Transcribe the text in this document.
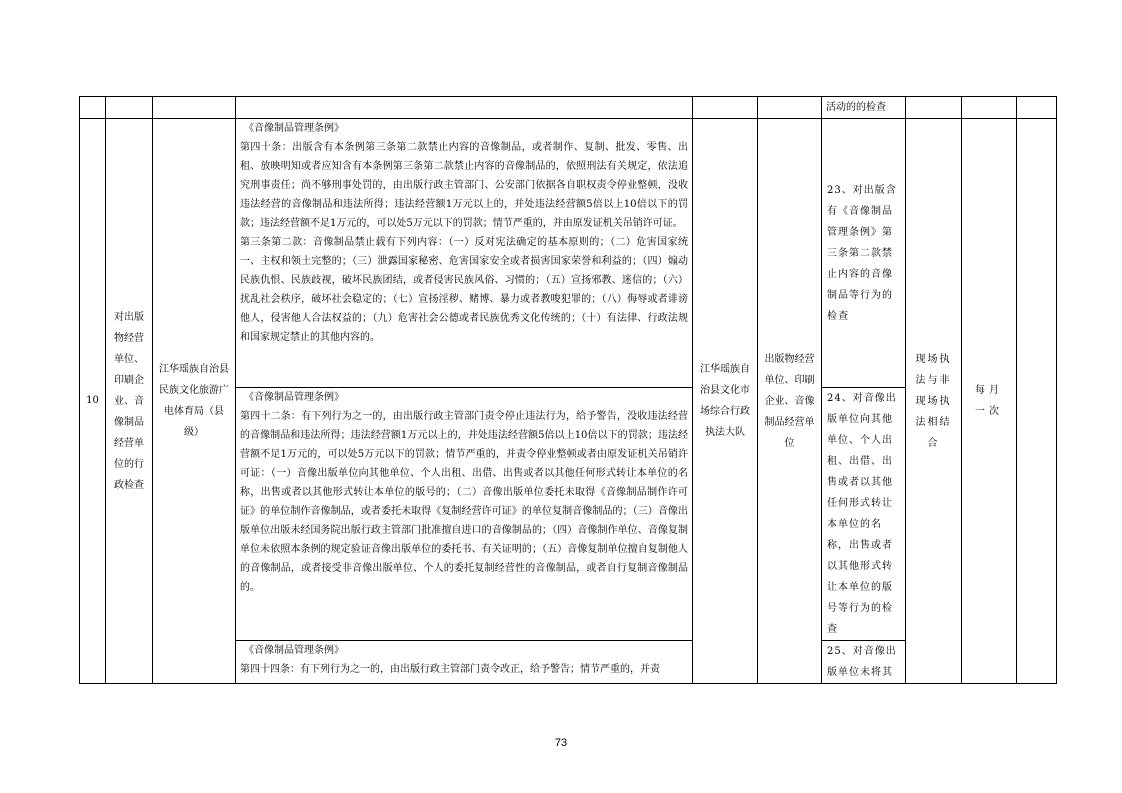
						活动的的检查			
10	对出版物经营单位、印刷企业、音像制品经营单位的行政检查	江华瑶族自治县民族文化旅游广电体育局（县级）	《音像制品管理条例》
第四十条：出版含有本条例第三条第二款禁止内容的音像制品，或者制作、复制、批发、零售、出租、放映明知或者应知含有本条例第三条第二款禁止内容的音像制品的，依照刑法有关规定，依法追究刑事责任；尚不够刑事处罚的，由出版行政主管部门、公安部门依据各自职权责令停业整顿，没收违法经营的音像制品和违法所得；违法经营额1万元以上的，并处违法经营额5倍以上10倍以下的罚款；违法经营额不足1万元的，可以处5万元以下的罚款；情节严重的，并由原发证机关吊销许可证。
第三条第二款：音像制品禁止载有下列内容：（一）反对宪法确定的基本原则的；（二）危害国家统一、主权和领土完整的；（三）泄露国家秘密、危害国家安全或者损害国家荣誉和利益的；（四）煽动民族仇恨、民族歧视，破坏民族团结，或者侵害民族风俗、习惯的；（五）宣扬邪教、迷信的；（六）扰乱社会秩序，破坏社会稳定的；（七）宣扬淫秽、赌博、暴力或者教唆犯罪的；（八）侮辱或者诽谤他人，侵害他人合法权益的；（九）危害社会公德或者民族优秀文化传统的；（十）有法律、行政法规和国家规定禁止的其他内容的。	江华瑶族自治县文化市场综合行政执法大队	出版物经营单位、印刷企业、音像制品经营单位	23、对出版含有《音像制品管理条例》第三条第二款禁止内容的音像制品等行为的检查	现场执法与非现场执法相结合	每月一次	

			《音像制品管理条例》
第四十二条：有下列行为之一的，由出版行政主管部门责令停止违法行为，给予警告，没收违法经营的音像制品和违法所得；违法经营额1万元以上的，并处违法经营额5倍以上10倍以下的罚款；违法经营额不足1万元的，可以处5万元以下的罚款；情节严重的，并责令停业整顿或者由原发证机关吊销许可证：（一）音像出版单位向其他单位、个人出租、出借、出售或者以其他任何形式转让本单位的名称，出售或者以其他形式转让本单位的版号的；（二）音像出版单位委托未取得《音像制品制作许可证》的单位制作音像制品，或者委托未取得《复制经营许可证》的单位复制音像制品的；（三）音像出版单位出版未经国务院出版行政主管部门批准擅自进口的音像制品的；（四）音像制作单位、音像复制单位未依照本条例的规定验证音像出版单位的委托书、有关证明的；（五）音像复制单位擅自复制他人的音像制品，或者接受非音像出版单位、个人的委托复制经营性的音像制品，或者自行复制音像制品的。			24、对音像出版单位向其他单位、个人出租、出借、出售或者以其他任何形式转让本单位的名称，出售或者以其他形式转让本单位的版号等行为的检查			

			《音像制品管理条例》
第四十四条：有下列行为之一的，由出版行政主管部门责令改正，给予警告；情节严重的，并责			25、对音像出版单位未将其			
73
